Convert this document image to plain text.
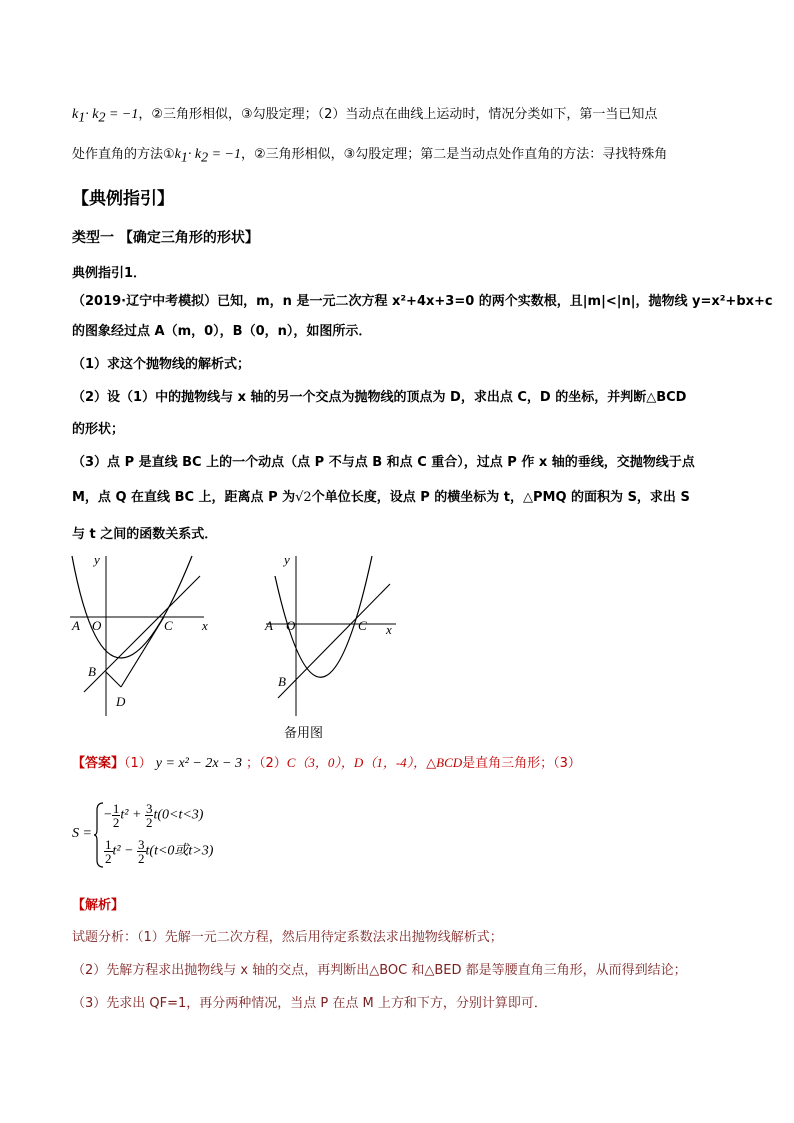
$k_1\cdot k_2 = -1$，②三角形相似，③勾股定理；（2）当动点在曲线上运动时，情况分类如下，第一当已知点
处作直角的方法$①k_1\cdot k_2 = -1$，②三角形相似，③勾股定理；第二是当动点处作直角的方法：寻找特殊角
【典例指引】
类型一 【确定三角形的形状】
典例指引1．
（2019·辽宁中考模拟）已知，m，n 是一元二次方程 x²+4x+3=0 的两个实数根，且|m|<|n|，抛物线 y=x²+bx+c
的图象经过点 A（m，0），B（0，n），如图所示．
（1）求这个抛物线的解析式；
（2）设（1）中的抛物线与 x 轴的另一个交点为抛物线的顶点为 D，求出点 C，D 的坐标，并判断△BCD
的形状；
（3）点 P 是直线 BC 上的一个动点（点 P 不与点 B 和点 C 重合），过点 P 作 x 轴的垂线，交抛物线于点
M，点 Q 在直线 BC 上，距离点 P 为√2个单位长度，设点 P 的横坐标为 t，△PMQ 的面积为 S，求出 S
与 t 之间的函数关系式．
y
x
A O	C
B
D
y
x
A O	C
B
备用图
【答案】（1） y = x² − 2x − 3 ；（2）C（3，0），D（1，-4），△BCD是直角三角形；（3）
S =
− $\frac{1}{2} t^2 + \frac{3}{2} t(0<t<3)$
$\frac{1}{2} t^2 - \frac{3}{2} t(t<0$或t>3)
【解析】
试题分析：（1）先解一元二次方程，然后用待定系数法求出抛物线解析式；
（2）先解方程求出抛物线与 x 轴的交点，再判断出△BOC 和△BED 都是等腰直角三角形，从而得到结论；
（3）先求出 QF=1，再分两种情况，当点 P 在点 M 上方和下方，分别计算即可．
